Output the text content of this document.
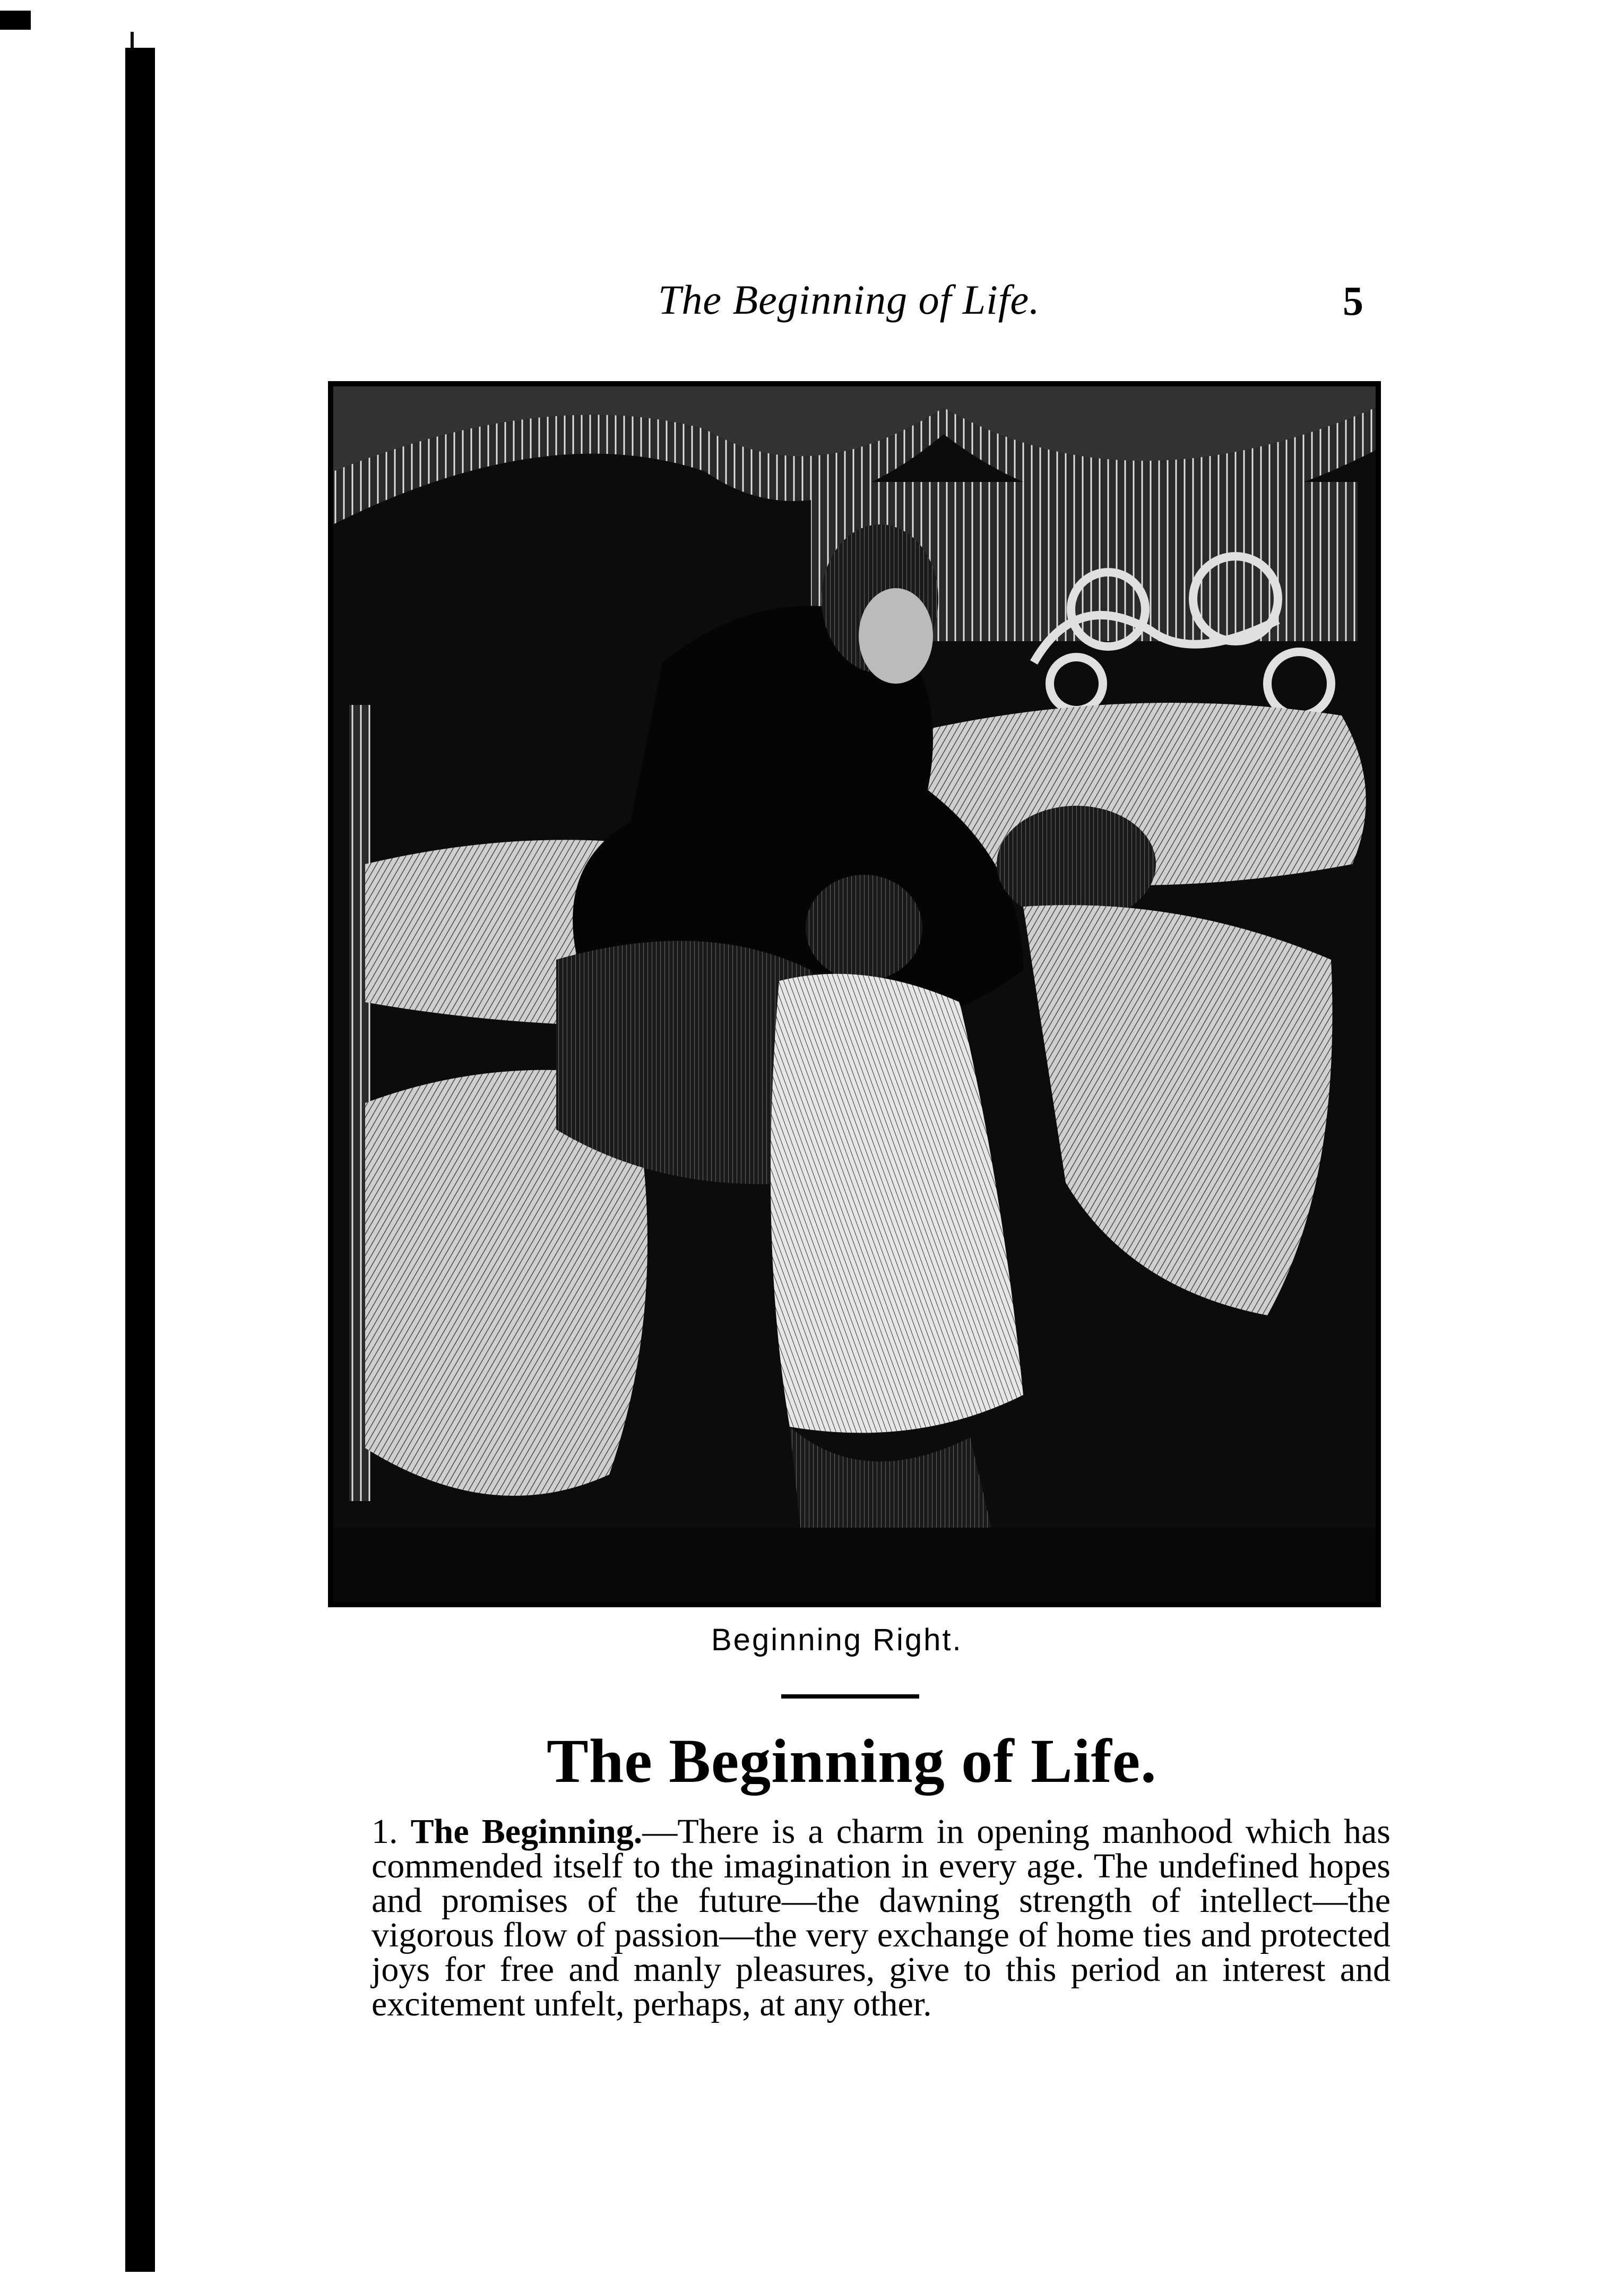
The Beginning of Life.	5
Beginning Right.
The Beginning of Life.
1. The Beginning.—There is a charm in opening manhood which has commended itself to the imagination in every age. The undefined hopes and promises of the future—the dawning strength of intellect—the vigorous flow of passion—the very exchange of home ties and protected joys for free and manly pleasures, give to this period an interest and excitement unfelt, perhaps, at any other.
